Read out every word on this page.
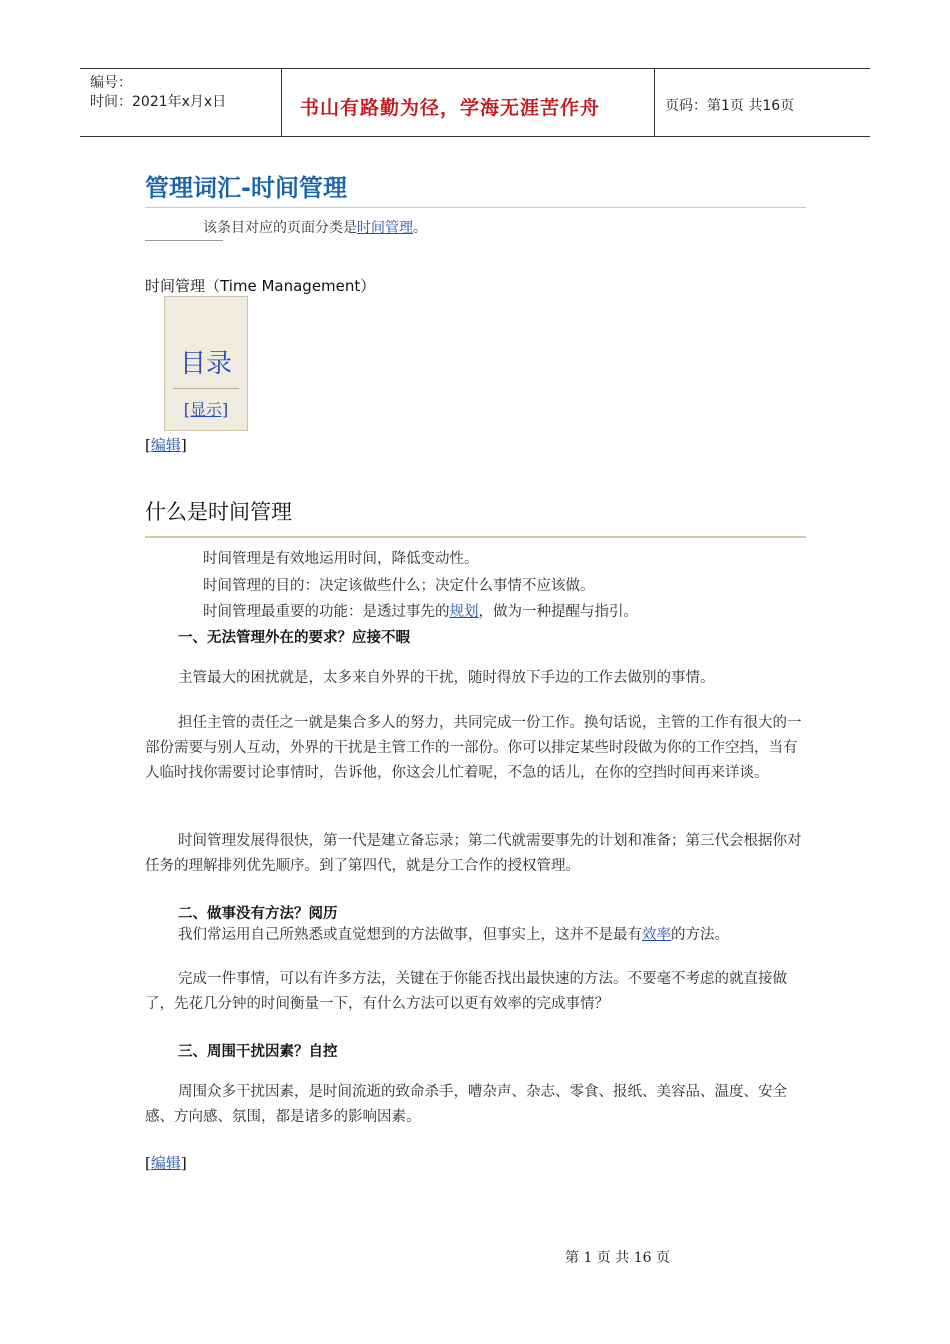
编号：
时间：2021年x月x日	书山有路勤为径，学海无涯苦作舟	页码：第1页 共16页
管理词汇-时间管理
该条目对应的页面分类是时间管理。
时间管理（Time Management）
目录
[显示]
[编辑]
什么是时间管理
时间管理是有效地运用时间，降低变动性。
时间管理的目的：决定该做些什么；决定什么事情不应该做。
时间管理最重要的功能：是透过事先的规划，做为一种提醒与指引。
一、无法管理外在的要求？应接不暇
主管最大的困扰就是，太多来自外界的干扰，随时得放下手边的工作去做别的事情。
担任主管的责任之一就是集合多人的努力，共同完成一份工作。换句话说，主管的工作有很大的一部份需要与别人互动，外界的干扰是主管工作的一部份。你可以排定某些时段做为你的工作空挡，当有人临时找你需要讨论事情时，告诉他，你这会儿忙着呢，不急的话儿，在你的空挡时间再来详谈。
时间管理发展得很快，第一代是建立备忘录；第二代就需要事先的计划和准备；第三代会根据你对任务的理解排列优先顺序。到了第四代，就是分工合作的授权管理。
二、做事没有方法？阅历
我们常运用自己所熟悉或直觉想到的方法做事，但事实上，这并不是最有效率的方法。
完成一件事情，可以有许多方法，关键在于你能否找出最快速的方法。不要毫不考虑的就直接做了，先花几分钟的时间衡量一下，有什么方法可以更有效率的完成事情？
三、周围干扰因素？自控
周围众多干扰因素，是时间流逝的致命杀手，嘈杂声、杂志、零食、报纸、美容品、温度、安全感、方向感、氛围，都是诸多的影响因素。
[编辑]
第 1 页 共 16 页
